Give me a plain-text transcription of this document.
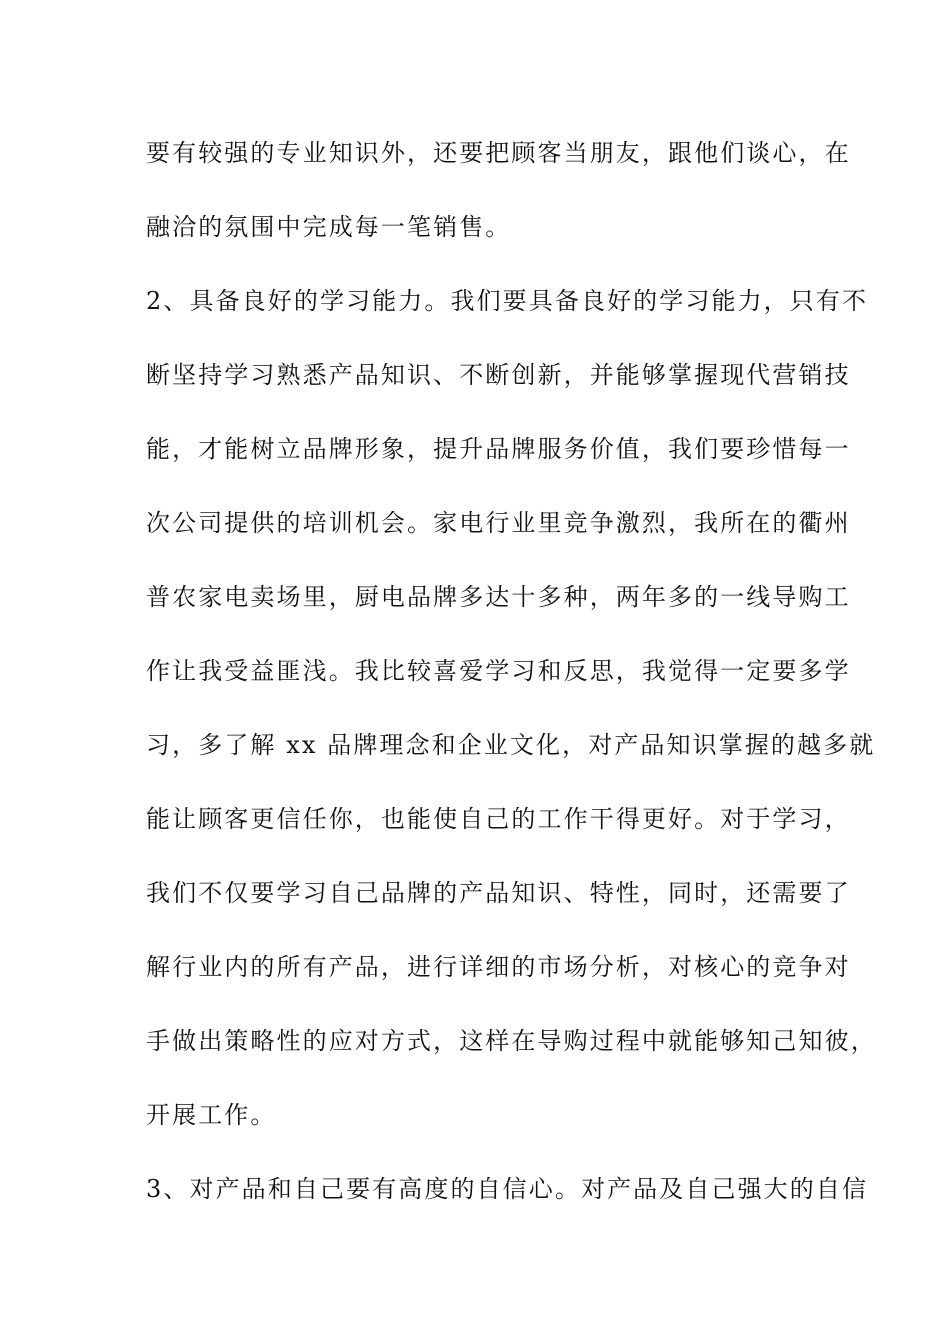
要有较强的专业知识外，还要把顾客当朋友，跟他们谈心，在
融洽的氛围中完成每一笔销售。
2、具备良好的学习能力。我们要具备良好的学习能力，只有不
断坚持学习熟悉产品知识、不断创新，并能够掌握现代营销技
能，才能树立品牌形象，提升品牌服务价值，我们要珍惜每一
次公司提供的培训机会。家电行业里竞争激烈，我所在的衢州
普农家电卖场里，厨电品牌多达十多种，两年多的一线导购工
作让我受益匪浅。我比较喜爱学习和反思，我觉得一定要多学
习，多了解 xx 品牌理念和企业文化，对产品知识掌握的越多就
能让顾客更信任你，也能使自己的工作干得更好。对于学习，
我们不仅要学习自己品牌的产品知识、特性，同时，还需要了
解行业内的所有产品，进行详细的市场分析，对核心的竞争对
手做出策略性的应对方式，这样在导购过程中就能够知己知彼，
开展工作。
3、对产品和自己要有高度的自信心。对产品及自己强大的自信
